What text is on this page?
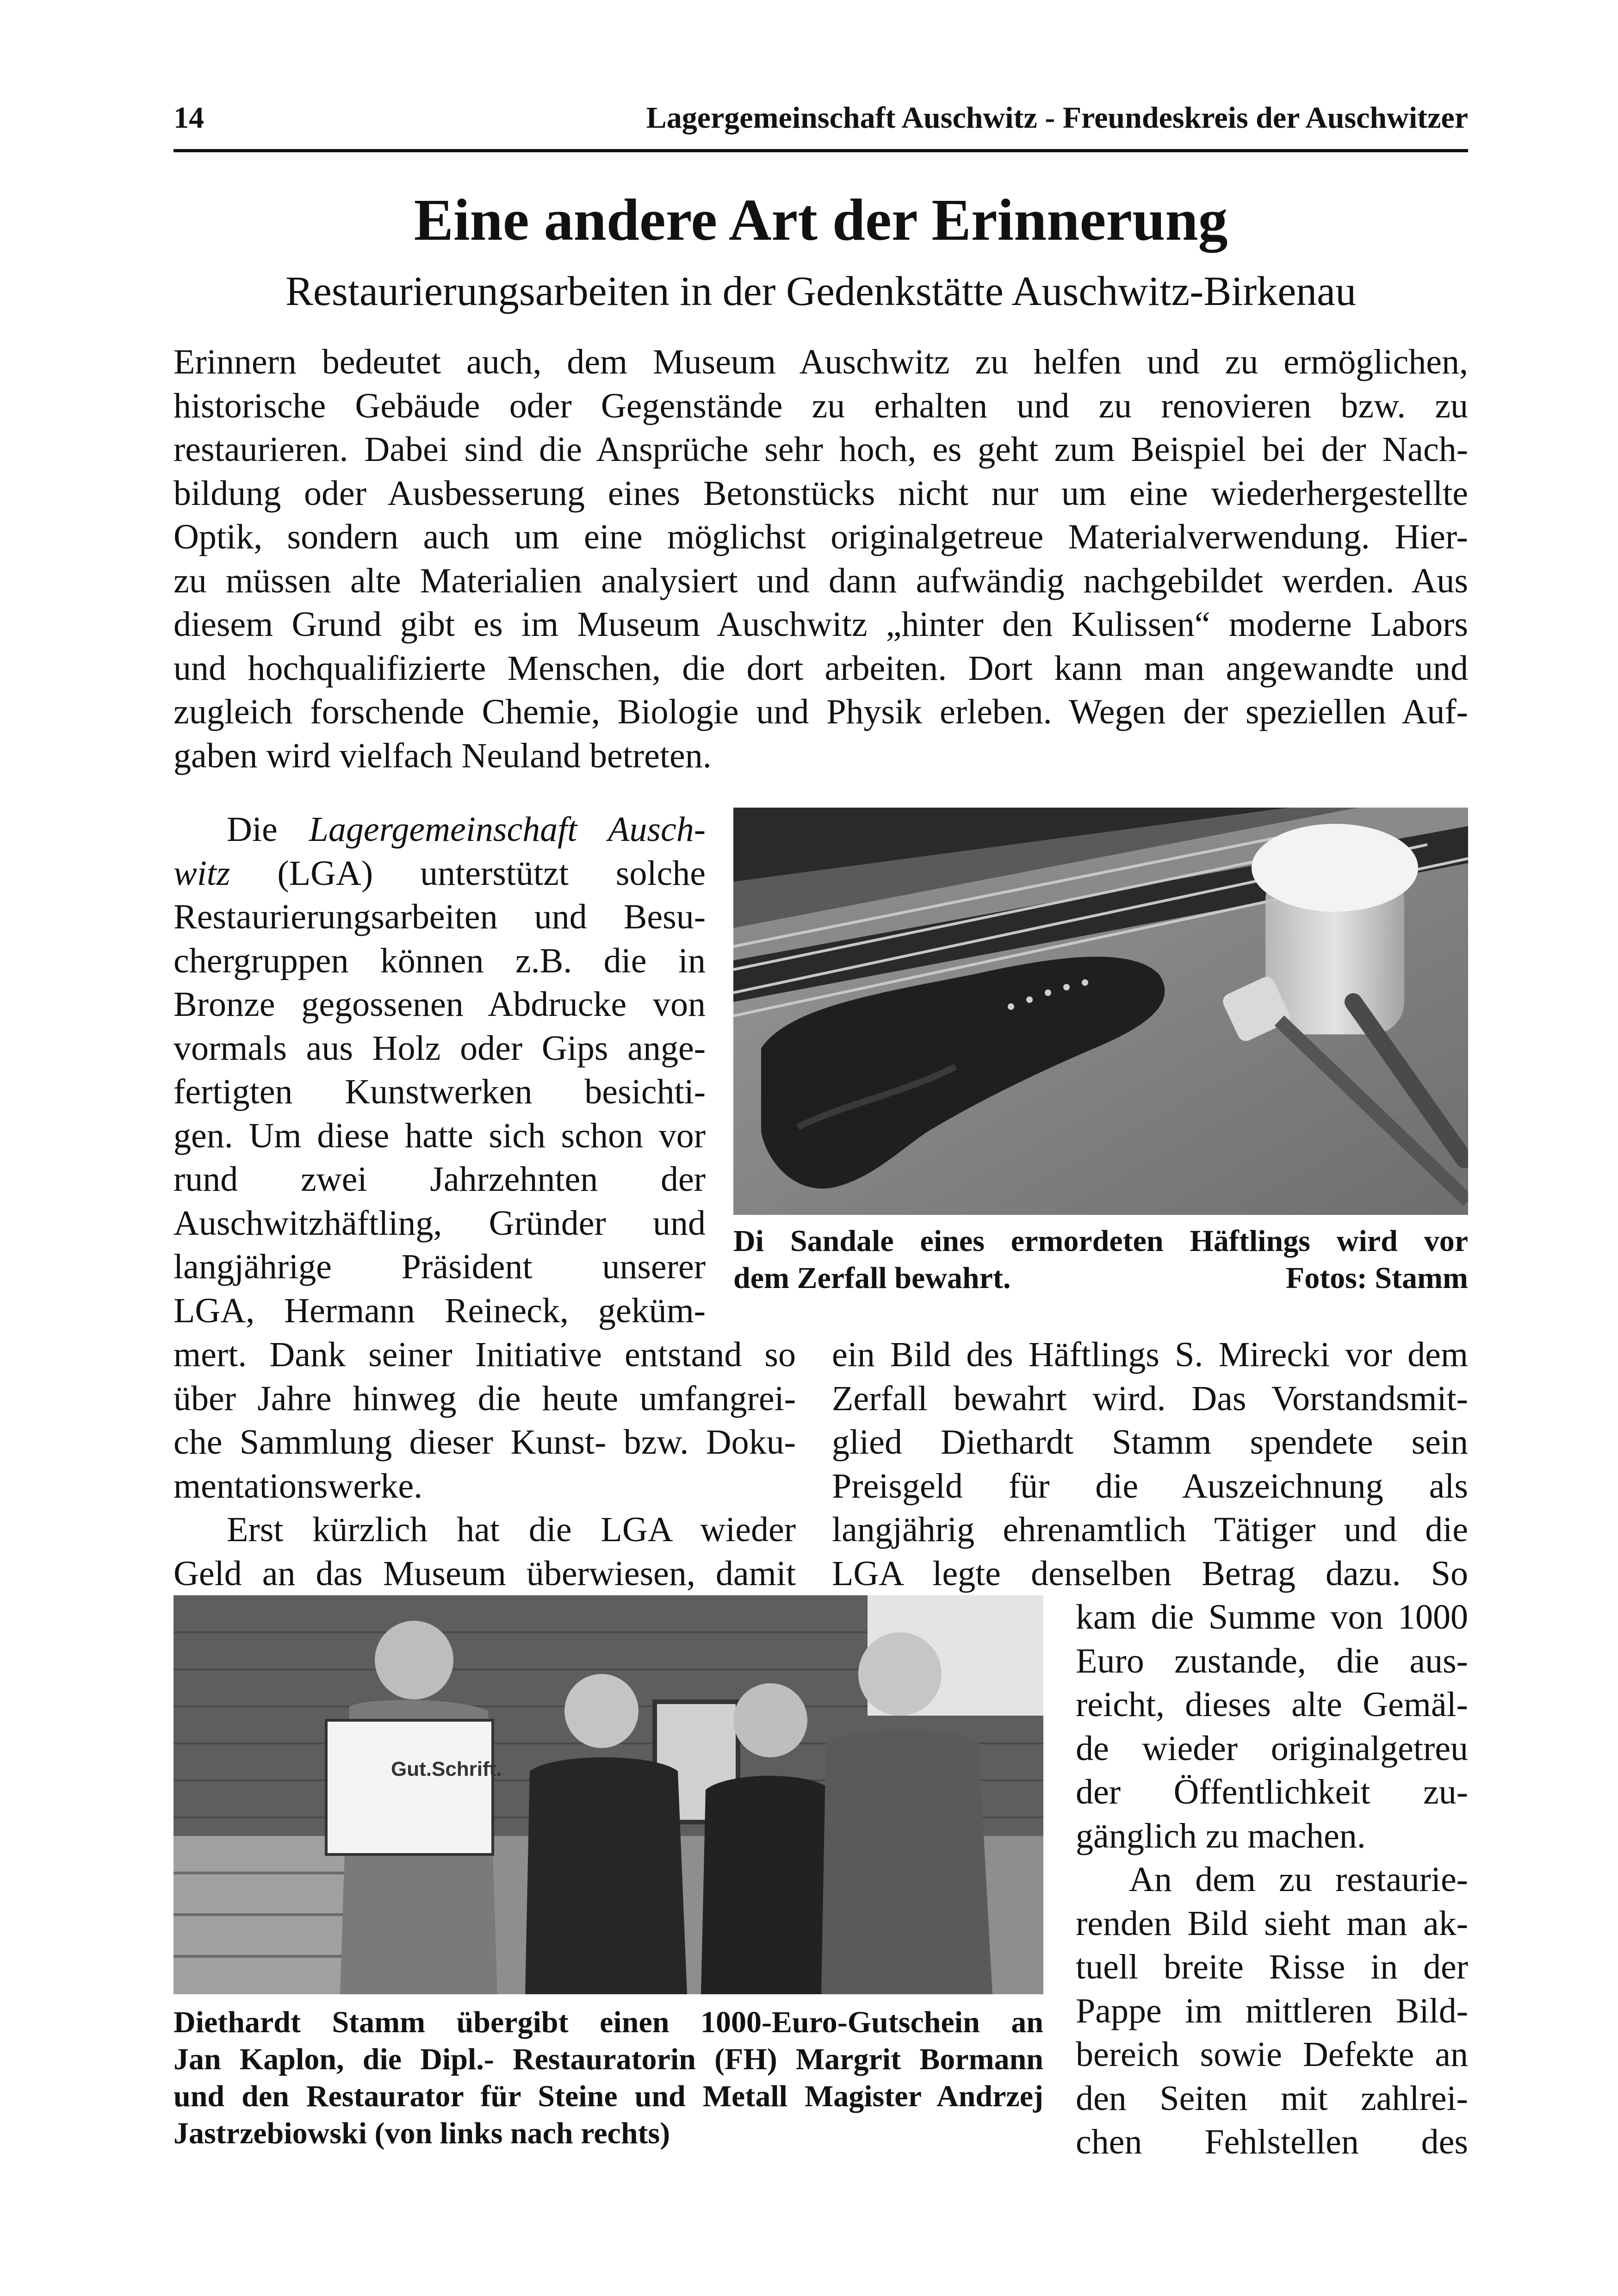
14	Lagergemeinschaft Auschwitz - Freundeskreis der Auschwitzer
Eine andere Art der Erinnerung
Restaurierungsarbeiten in der Gedenkstätte Auschwitz-Birkenau
Erinnern bedeutet auch, dem Museum Auschwitz zu helfen und zu ermöglichen,
historische Gebäude oder Gegenstände zu erhalten und zu renovieren bzw. zu
restaurieren. Dabei sind die Ansprüche sehr hoch, es geht zum Beispiel bei der Nach-
bildung oder Ausbesserung eines Betonstücks nicht nur um eine wiederhergestellte
Optik, sondern auch um eine möglichst originalgetreue Materialverwendung. Hier-
zu müssen alte Materialien analysiert und dann aufwändig nachgebildet werden. Aus
diesem Grund gibt es im Museum Auschwitz „hinter den Kulissen“ moderne Labors
und hochqualifizierte Menschen, die dort arbeiten. Dort kann man angewandte und
zugleich forschende Chemie, Biologie und Physik erleben. Wegen der speziellen Auf-
gaben wird vielfach Neuland betreten.
Die Lagergemeinschaft Ausch-
witz (LGA) unterstützt solche
Restaurierungsarbeiten und Besu-
chergruppen können z.B. die in
Bronze gegossenen Abdrucke von
vormals aus Holz oder Gips ange-
fertigten Kunstwerken besichti-
gen. Um diese hatte sich schon vor
rund zwei Jahrzehnten der
Auschwitzhäftling, Gründer und
langjährige Präsident unserer
LGA, Hermann Reineck, geküm-
mert. Dank seiner Initiative entstand so
über Jahre hinweg die heute umfangrei-
che Sammlung dieser Kunst- bzw. Doku-
mentationswerke.
Erst kürzlich hat die LGA wieder
Geld an das Museum überwiesen, damit
ein Bild des Häftlings S. Mirecki vor dem
Zerfall bewahrt wird. Das Vorstandsmit-
glied Diethardt Stamm spendete sein
Preisgeld für die Auszeichnung als
langjährig ehrenamtlich Tätiger und die
LGA legte denselben Betrag dazu. So
kam die Summe von 1000
Euro zustande, die aus-
reicht, dieses alte Gemäl-
de wieder originalgetreu
der Öffentlichkeit zu-
gänglich zu machen.
An dem zu restaurie-
renden Bild sieht man ak-
tuell breite Risse in der
Pappe im mittleren Bild-
bereich sowie Defekte an
den Seiten mit zahlrei-
chen Fehlstellen des
Di Sandale eines ermordeten Häftlings wird vor
dem Zerfall bewahrt.	Fotos: Stamm
Gut.Schrift.
Diethardt Stamm übergibt einen 1000-Euro-Gutschein an
Jan Kaplon, die Dipl.- Restauratorin (FH) Margrit Bormann
und den Restaurator für Steine und Metall Magister Andrzej
Jastrzebiowski (von links nach rechts)
